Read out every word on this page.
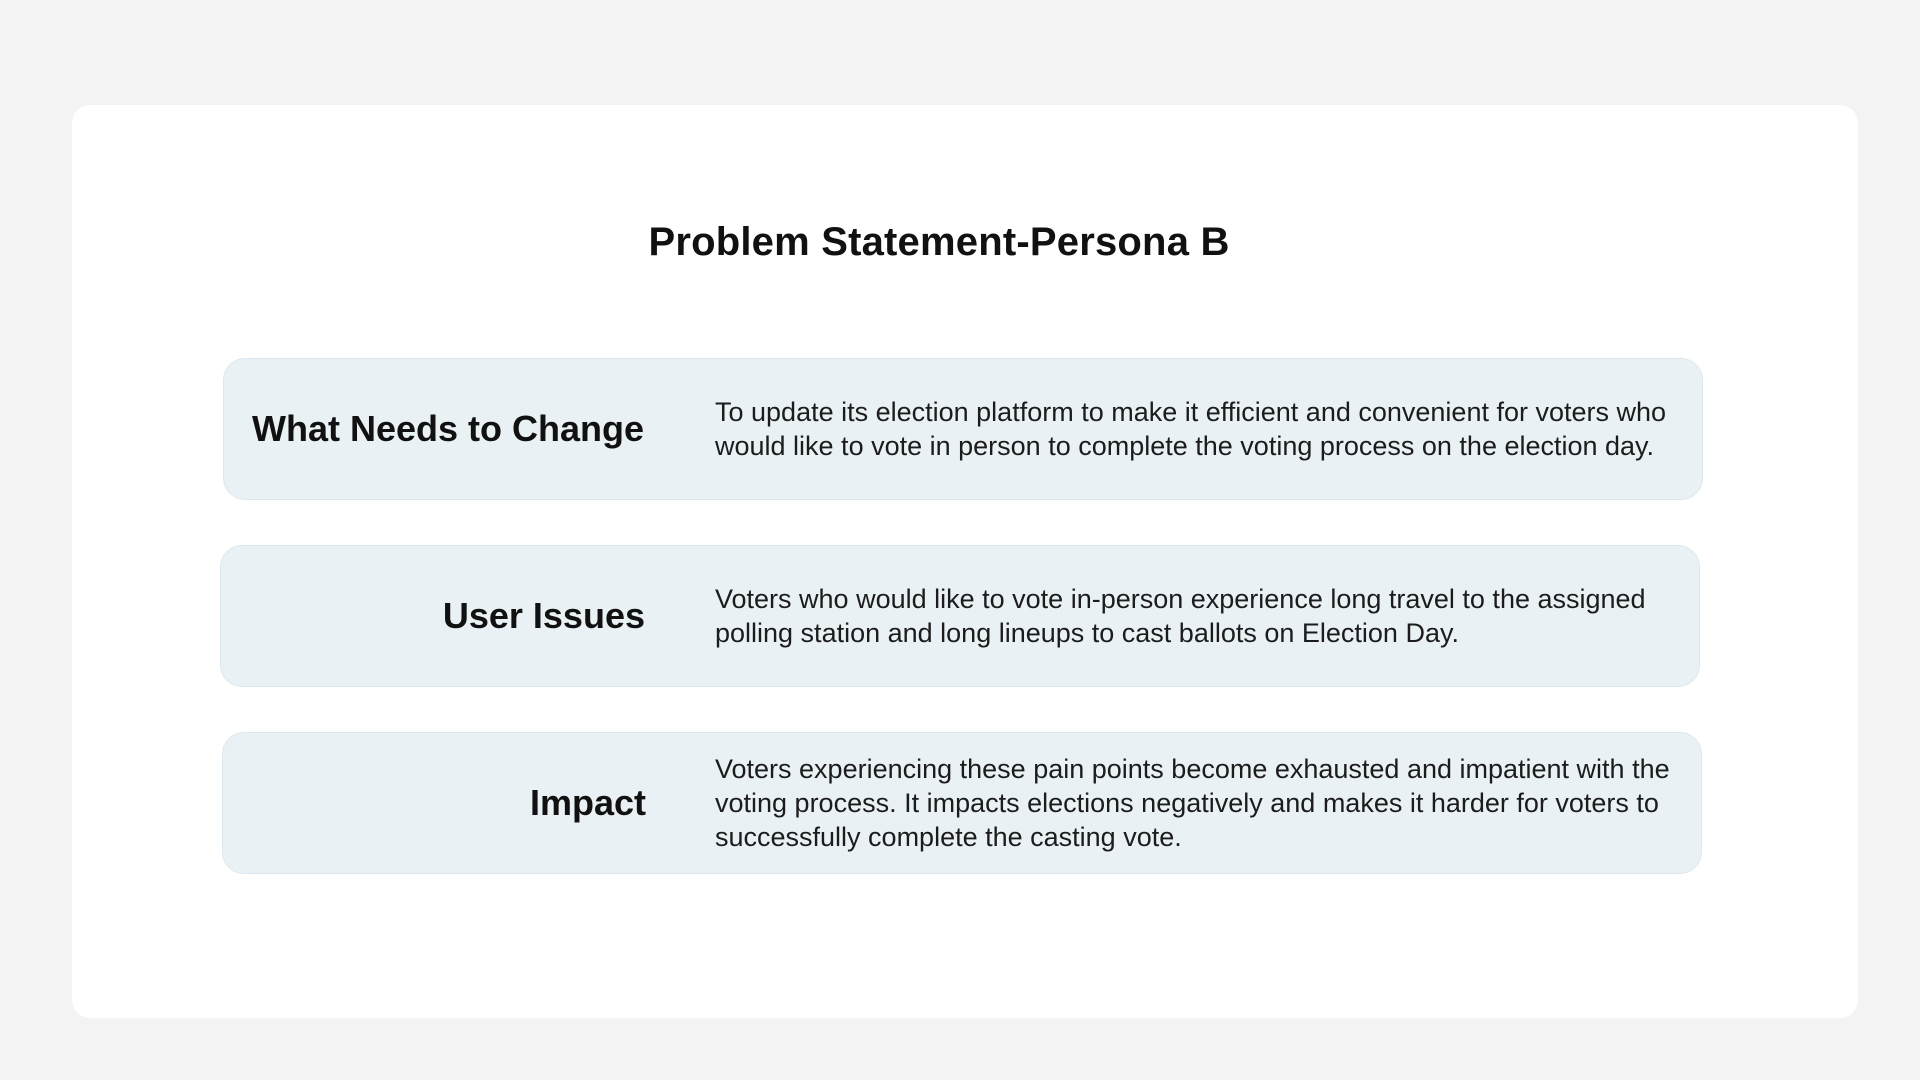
Problem Statement-Persona B
What Needs to Change	To update its election platform to make it efficient and convenient for voters who would like to vote in person to complete the voting process on the election day.
User Issues	Voters who would like to vote in-person experience long travel to the assigned polling station and long lineups to cast ballots on Election Day.
Impact
Voters experiencing these pain points become exhausted and impatient with the voting process. It impacts elections negatively and makes it harder for voters to successfully complete the casting vote.
